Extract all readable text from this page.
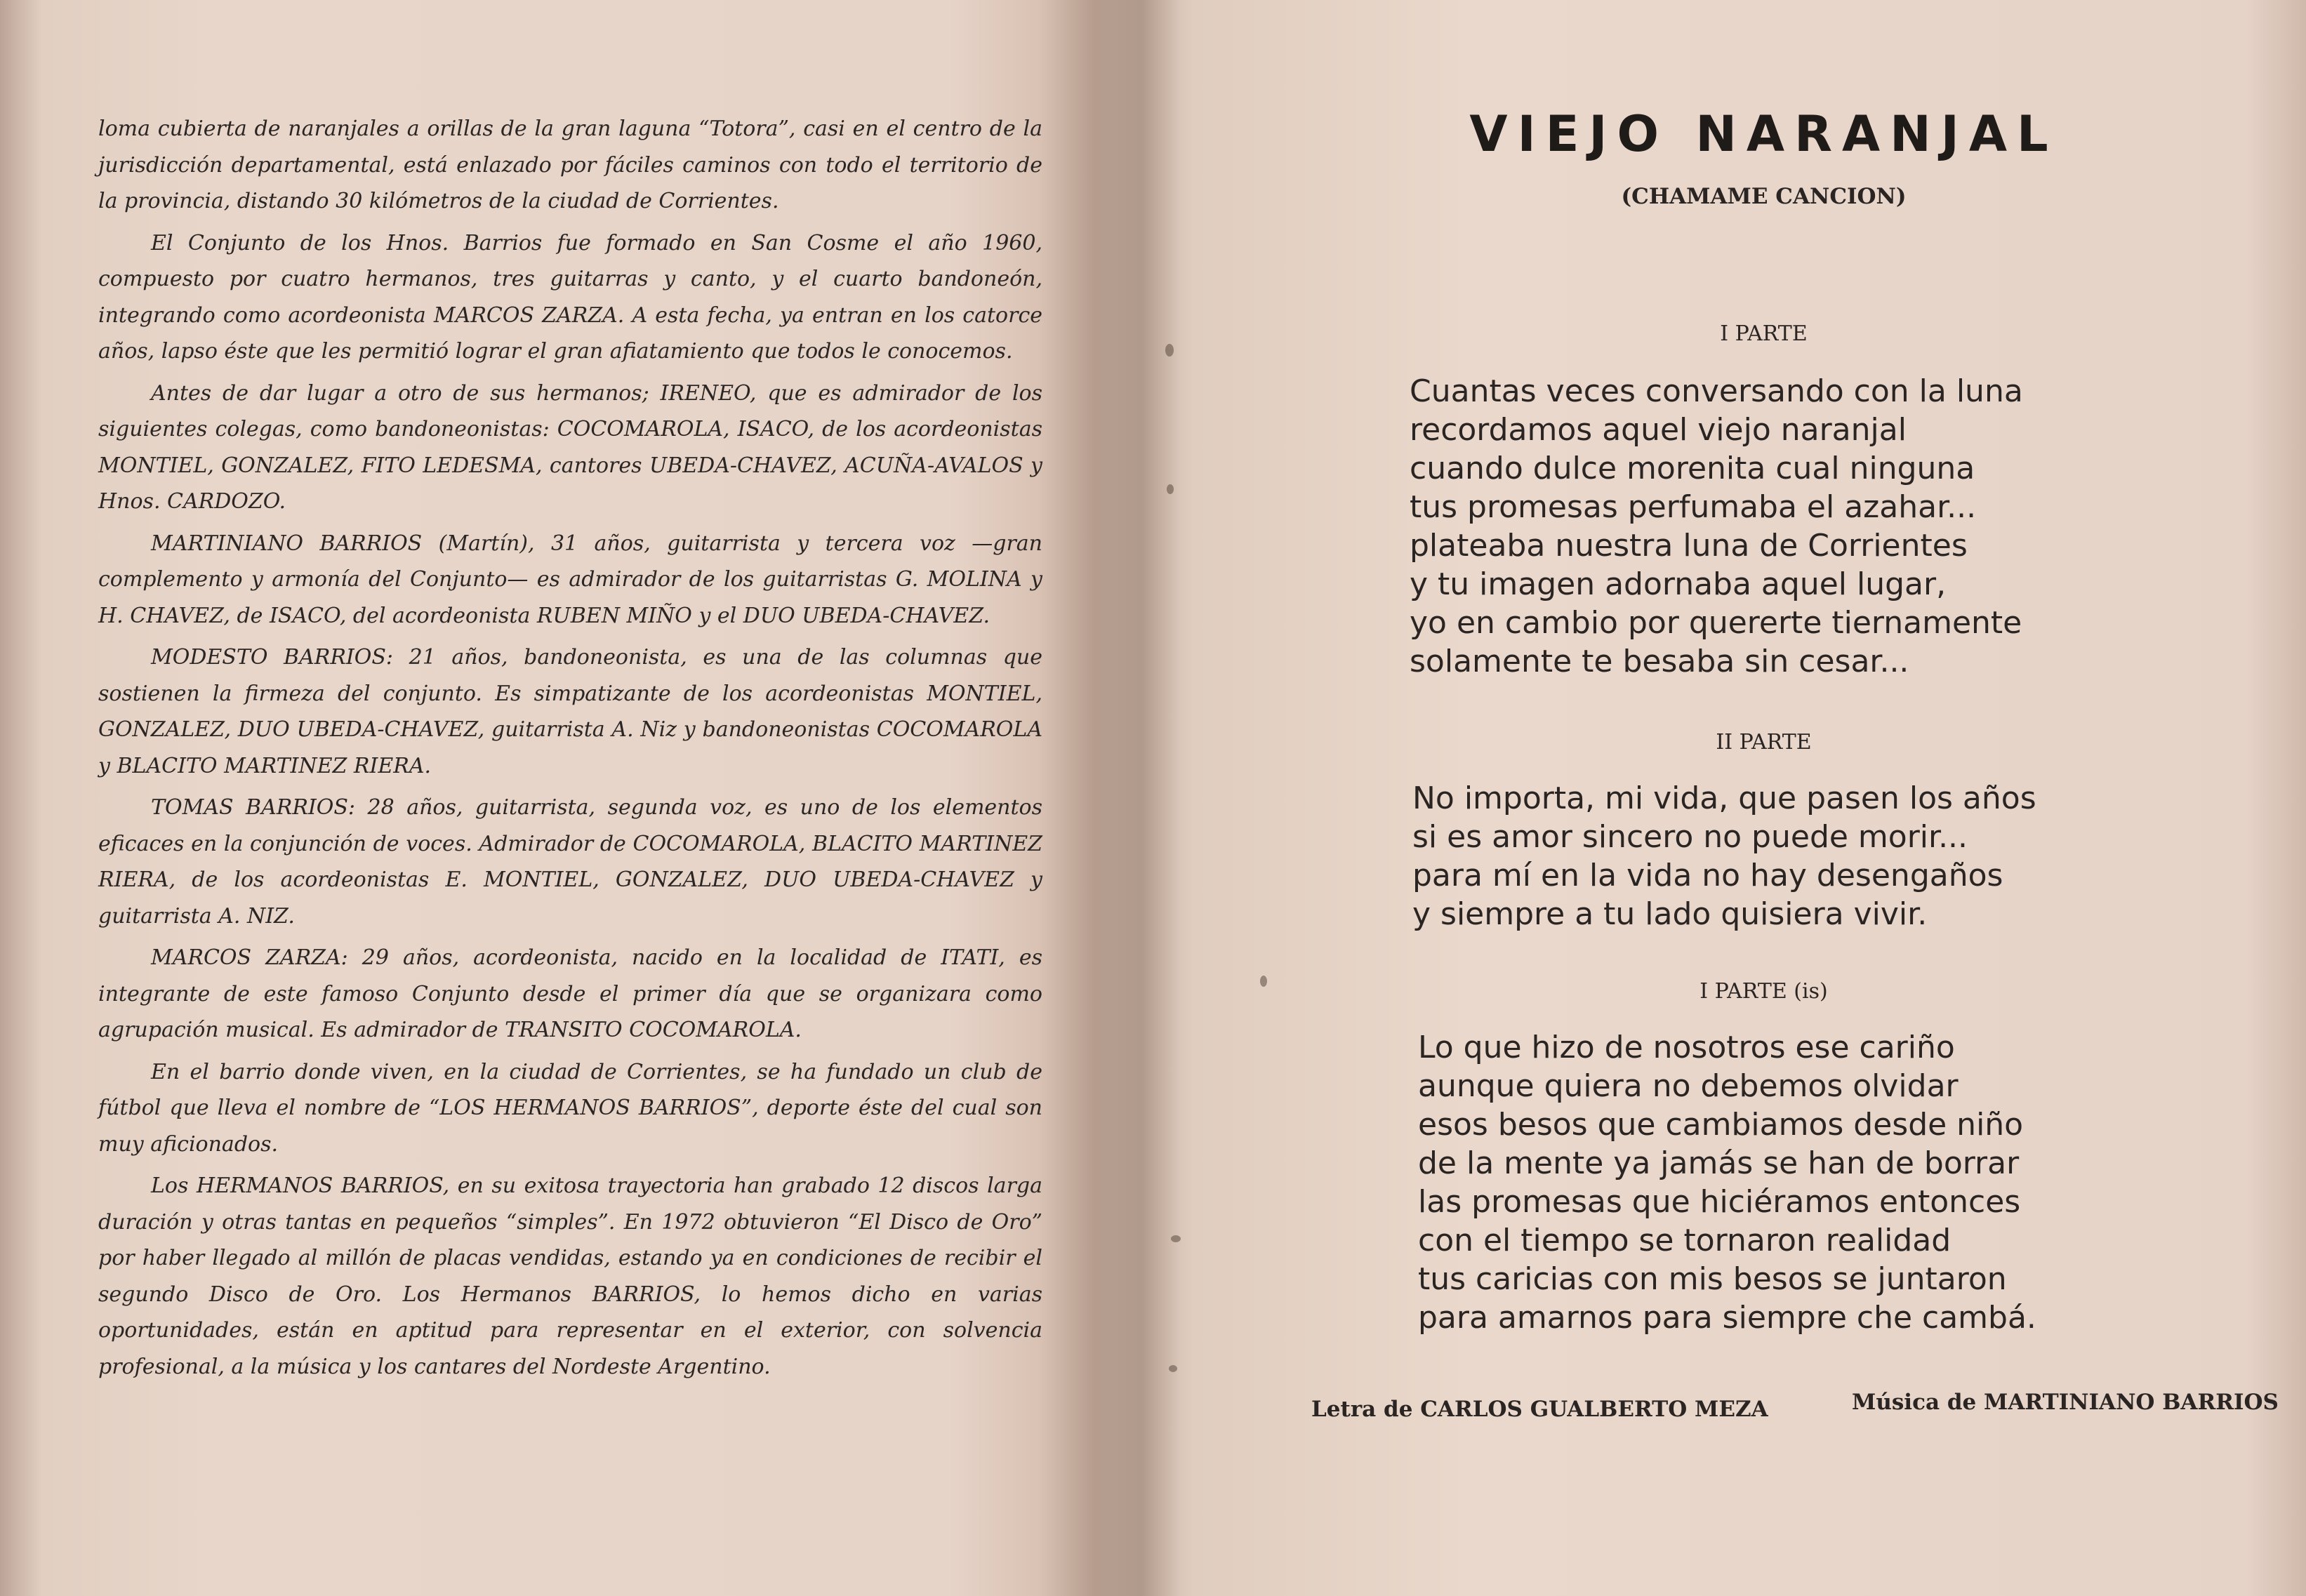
loma cubierta de naranjales a orillas de la gran laguna “Totora”, casi en el centro de la jurisdicción departamental, está enlazado por fáciles caminos con todo el territorio de la provincia, distando 30 kilómetros de la ciudad de Corrientes.

El Conjunto de los Hnos. Barrios fue formado en San Cosme el año 1960, compuesto por cuatro hermanos, tres guitarras y canto, y el cuarto bandoneón, integrando como acordeonista MARCOS ZARZA. A esta fecha, ya entran en los catorce años, lapso éste que les permitió lograr el gran afiatamiento que todos le conocemos.

Antes de dar lugar a otro de sus hermanos; IRENEO, que es admirador de los siguientes colegas, como bandoneonistas: COCOMAROLA, ISACO, de los acordeonistas MONTIEL, GONZALEZ, FITO LEDESMA, cantores UBEDA-CHAVEZ, ACUÑA-AVALOS y Hnos. CARDOZO.

MARTINIANO BARRIOS (Martín), 31 años, guitarrista y tercera voz —gran complemento y armonía del Conjunto— es admirador de los guitarristas G. MOLINA y H. CHAVEZ, de ISACO, del acordeonista RUBEN MIÑO y el DUO UBEDA-CHAVEZ.

MODESTO BARRIOS: 21 años, bandoneonista, es una de las columnas que sostienen la firmeza del conjunto. Es simpatizante de los acordeonistas MONTIEL, GONZALEZ, DUO UBEDA-CHAVEZ, guitarrista A. Niz y bandoneonistas COCOMAROLA y BLACITO MARTINEZ RIERA.

TOMAS BARRIOS: 28 años, guitarrista, segunda voz, es uno de los elementos eficaces en la conjunción de voces. Admirador de COCOMAROLA, BLACITO MARTINEZ RIERA, de los acordeonistas E. MONTIEL, GONZALEZ, DUO UBEDA-CHAVEZ y guitarrista A. NIZ.

MARCOS ZARZA: 29 años, acordeonista, nacido en la localidad de ITATI, es integrante de este famoso Conjunto desde el primer día que se organizara como agrupación musical. Es admirador de TRANSITO COCOMAROLA.

En el barrio donde viven, en la ciudad de Corrientes, se ha fundado un club de fútbol que lleva el nombre de “LOS HERMANOS BARRIOS”, deporte éste del cual son muy aficionados.

Los HERMANOS BARRIOS, en su exitosa trayectoria han grabado 12 discos larga duración y otras tantas en pequeños “simples”. En 1972 obtuvieron “El Disco de Oro” por haber llegado al millón de placas vendidas, estando ya en condiciones de recibir el segundo Disco de Oro. Los Hermanos BARRIOS, lo hemos dicho en varias oportunidades, están en aptitud para representar en el exterior, con solvencia profesional, a la música y los cantares del Nordeste Argentino.

VIEJO NARANJAL
(CHAMAME CANCION)
I PARTE
Cuantas veces conversando con la luna
recordamos aquel viejo naranjal
cuando dulce morenita cual ninguna
tus promesas perfumaba el azahar...
plateaba nuestra luna de Corrientes
y tu imagen adornaba aquel lugar,
yo en cambio por quererte tiernamente
solamente te besaba sin cesar...
II PARTE
No importa, mi vida, que pasen los años
si es amor sincero no puede morir...
para mí en la vida no hay desengaños
y siempre a tu lado quisiera vivir.
I PARTE (is)
Lo que hizo de nosotros ese cariño
aunque quiera no debemos olvidar
esos besos que cambiamos desde niño
de la mente ya jamás se han de borrar
las promesas que hiciéramos entonces
con el tiempo se tornaron realidad
tus caricias con mis besos se juntaron
para amarnos para siempre che cambá.
Letra de CARLOS GUALBERTO MEZA	Música de MARTINIANO BARRIOS
